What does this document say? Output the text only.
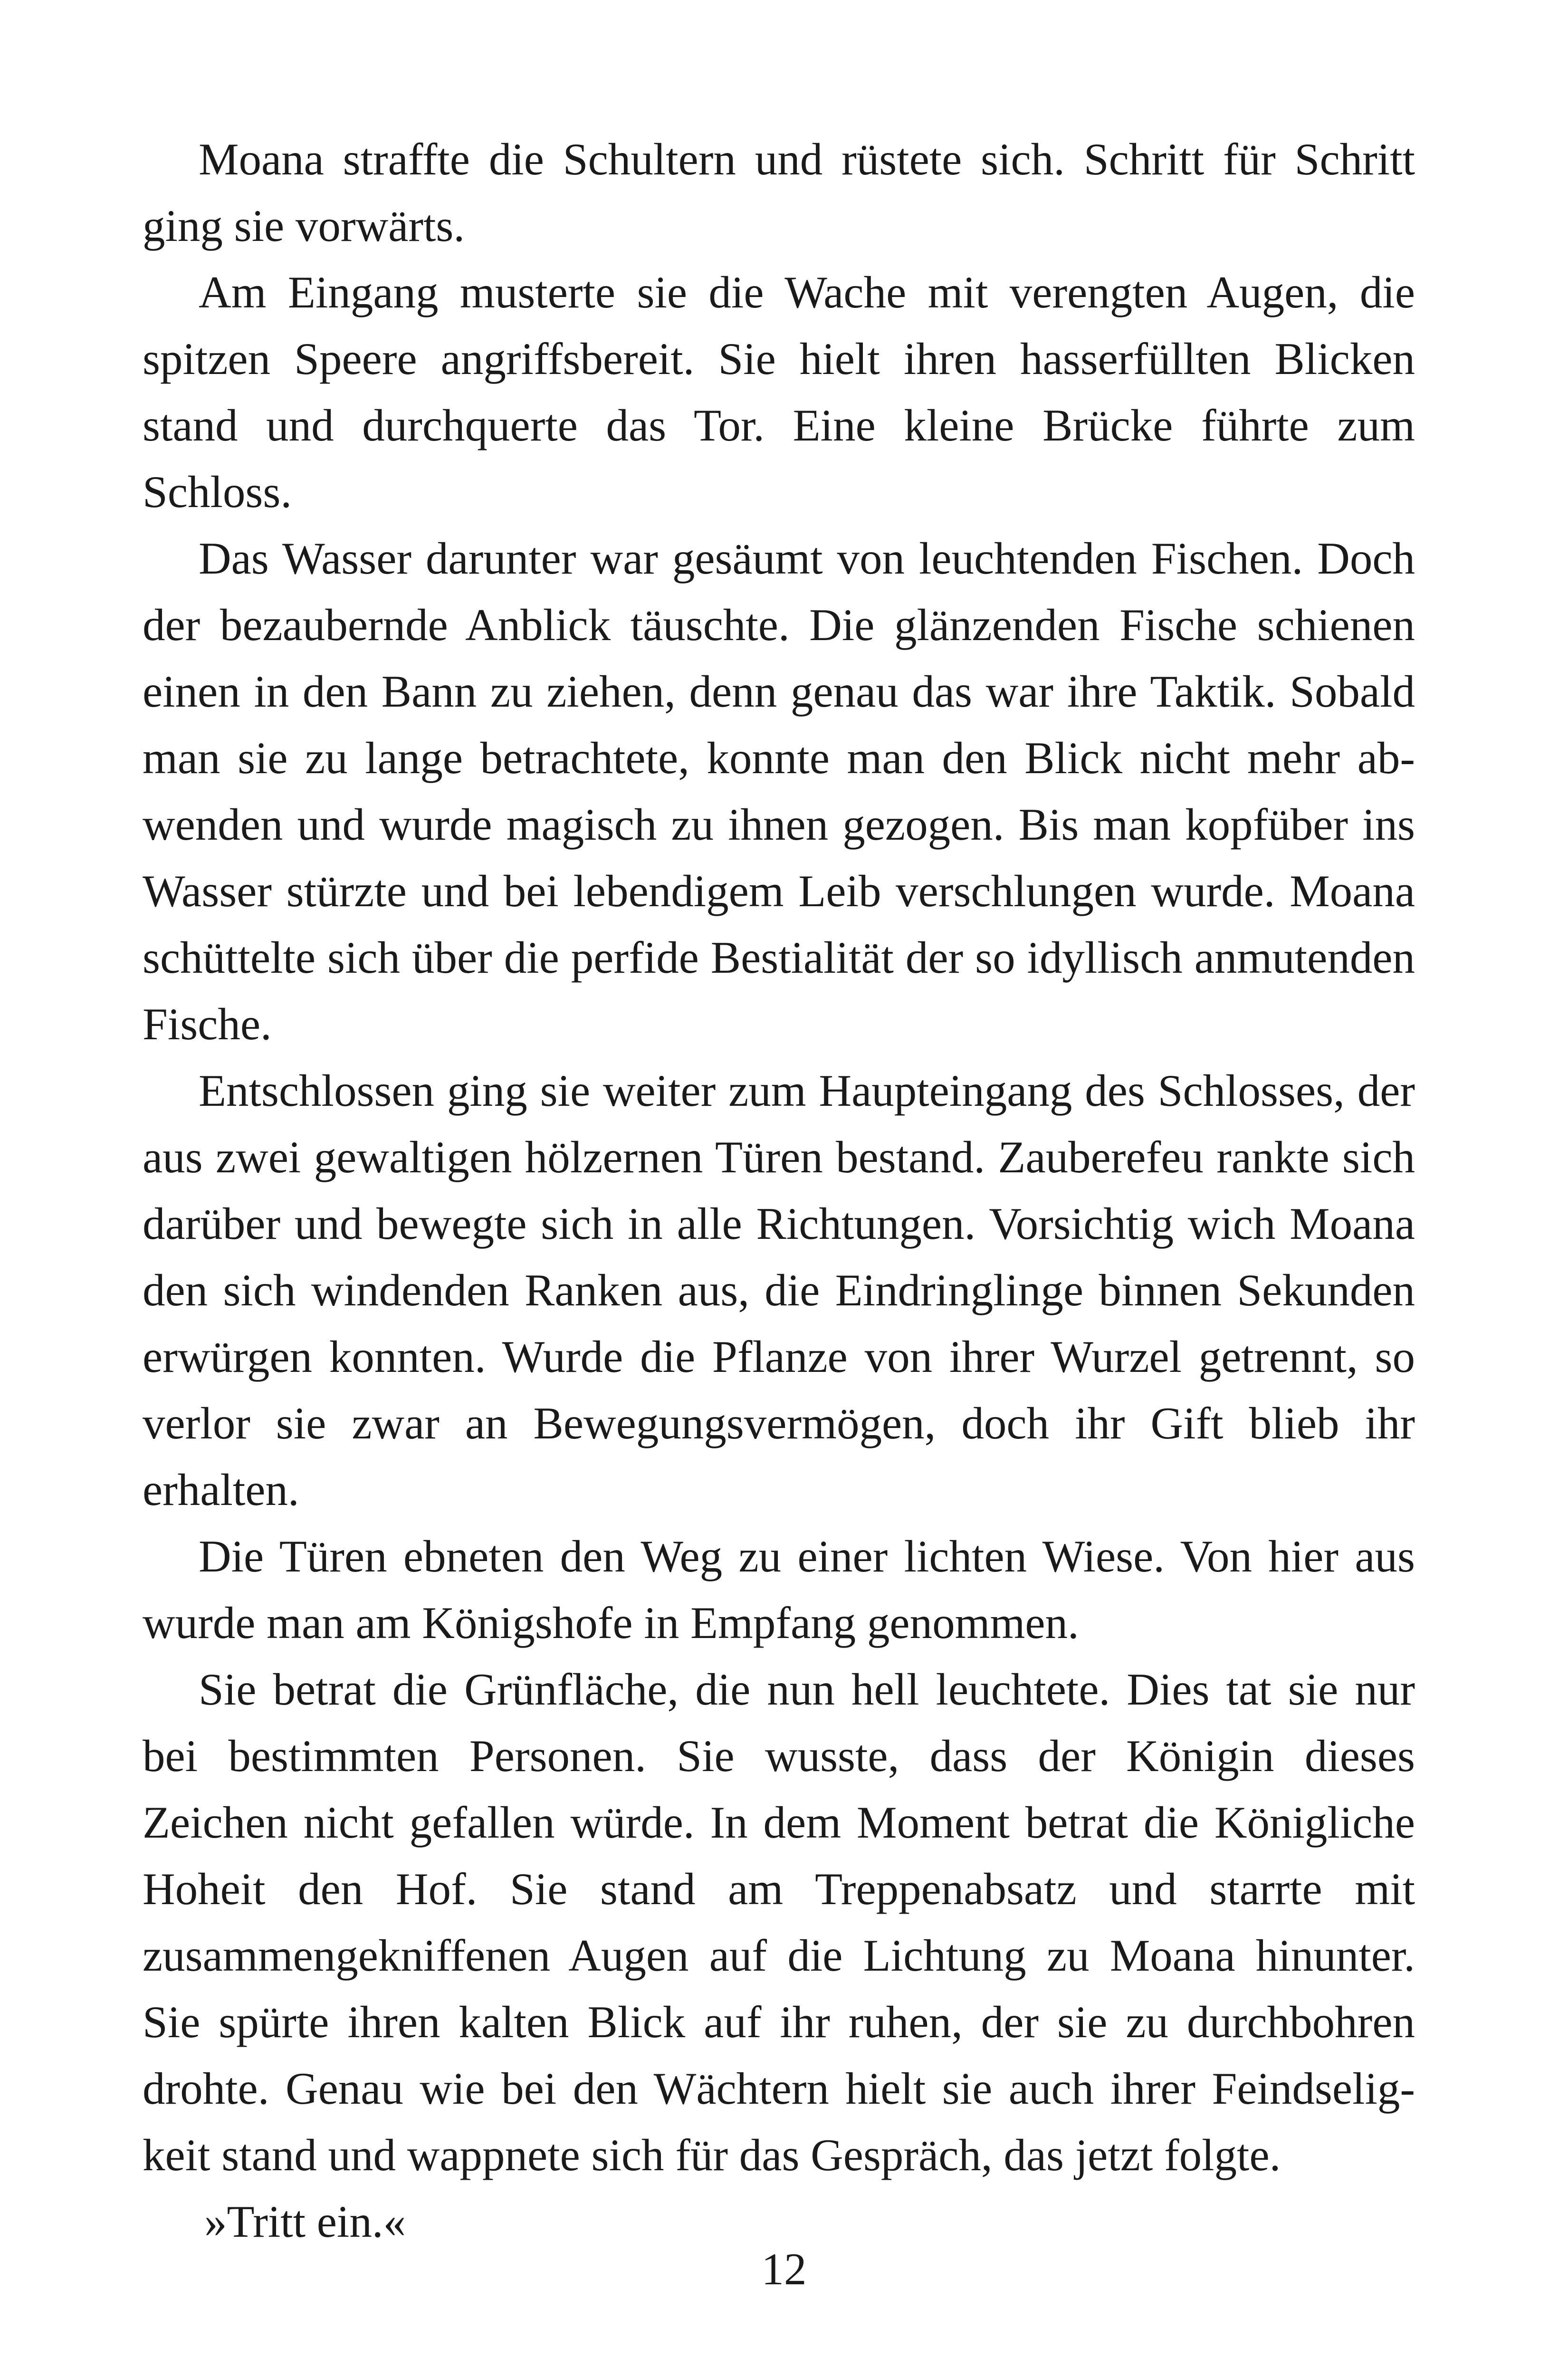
Moana straffte die Schultern und rüstete sich. Schritt für Schritt ging sie vorwärts.

Am Eingang musterte sie die Wache mit verengten Augen, die spitzen Speere angriffsbereit. Sie hielt ihren hasserfüllten Blicken stand und durchquerte das Tor. Eine kleine Brücke führte zum Schloss.

Das Wasser darunter war gesäumt von leuchtenden Fischen. Doch der bezaubernde Anblick täuschte. Die glänzenden Fische schienen einen in den Bann zu ziehen, denn genau das war ihre Taktik. Sobald man sie zu lange betrachtete, konnte man den Blick nicht mehr abwenden und wurde magisch zu ihnen gezogen. Bis man kopfüber ins Wasser stürzte und bei lebendigem Leib verschlungen wurde. Moana schüttelte sich über die perfide Bestialität der so idyllisch anmutenden Fische.

Entschlossen ging sie weiter zum Haupteingang des Schlosses, der aus zwei gewaltigen hölzernen Türen bestand. Zauberefeu rankte sich darüber und bewegte sich in alle Richtungen. Vorsichtig wich Moana den sich windenden Ranken aus, die Eindringlinge binnen Sekunden erwürgen konnten. Wurde die Pflanze von ihrer Wurzel getrennt, so verlor sie zwar an Bewegungsvermögen, doch ihr Gift blieb ihr erhalten.

Die Türen ebneten den Weg zu einer lichten Wiese. Von hier aus wurde man am Königshofe in Empfang genommen.

Sie betrat die Grünfläche, die nun hell leuchtete. Dies tat sie nur bei bestimmten Personen. Sie wusste, dass der Königin dieses Zeichen nicht gefallen würde. In dem Moment betrat die Königliche Hoheit den Hof. Sie stand am Treppenabsatz und starrte mit zusammengekniffenen Augen auf die Lichtung zu Moana hinunter. Sie spürte ihren kalten Blick auf ihr ruhen, der sie zu durchbohren drohte. Genau wie bei den Wächtern hielt sie auch ihrer Feindseligkeit stand und wappnete sich für das Gespräch, das jetzt folgte.

»Tritt ein.«

12
